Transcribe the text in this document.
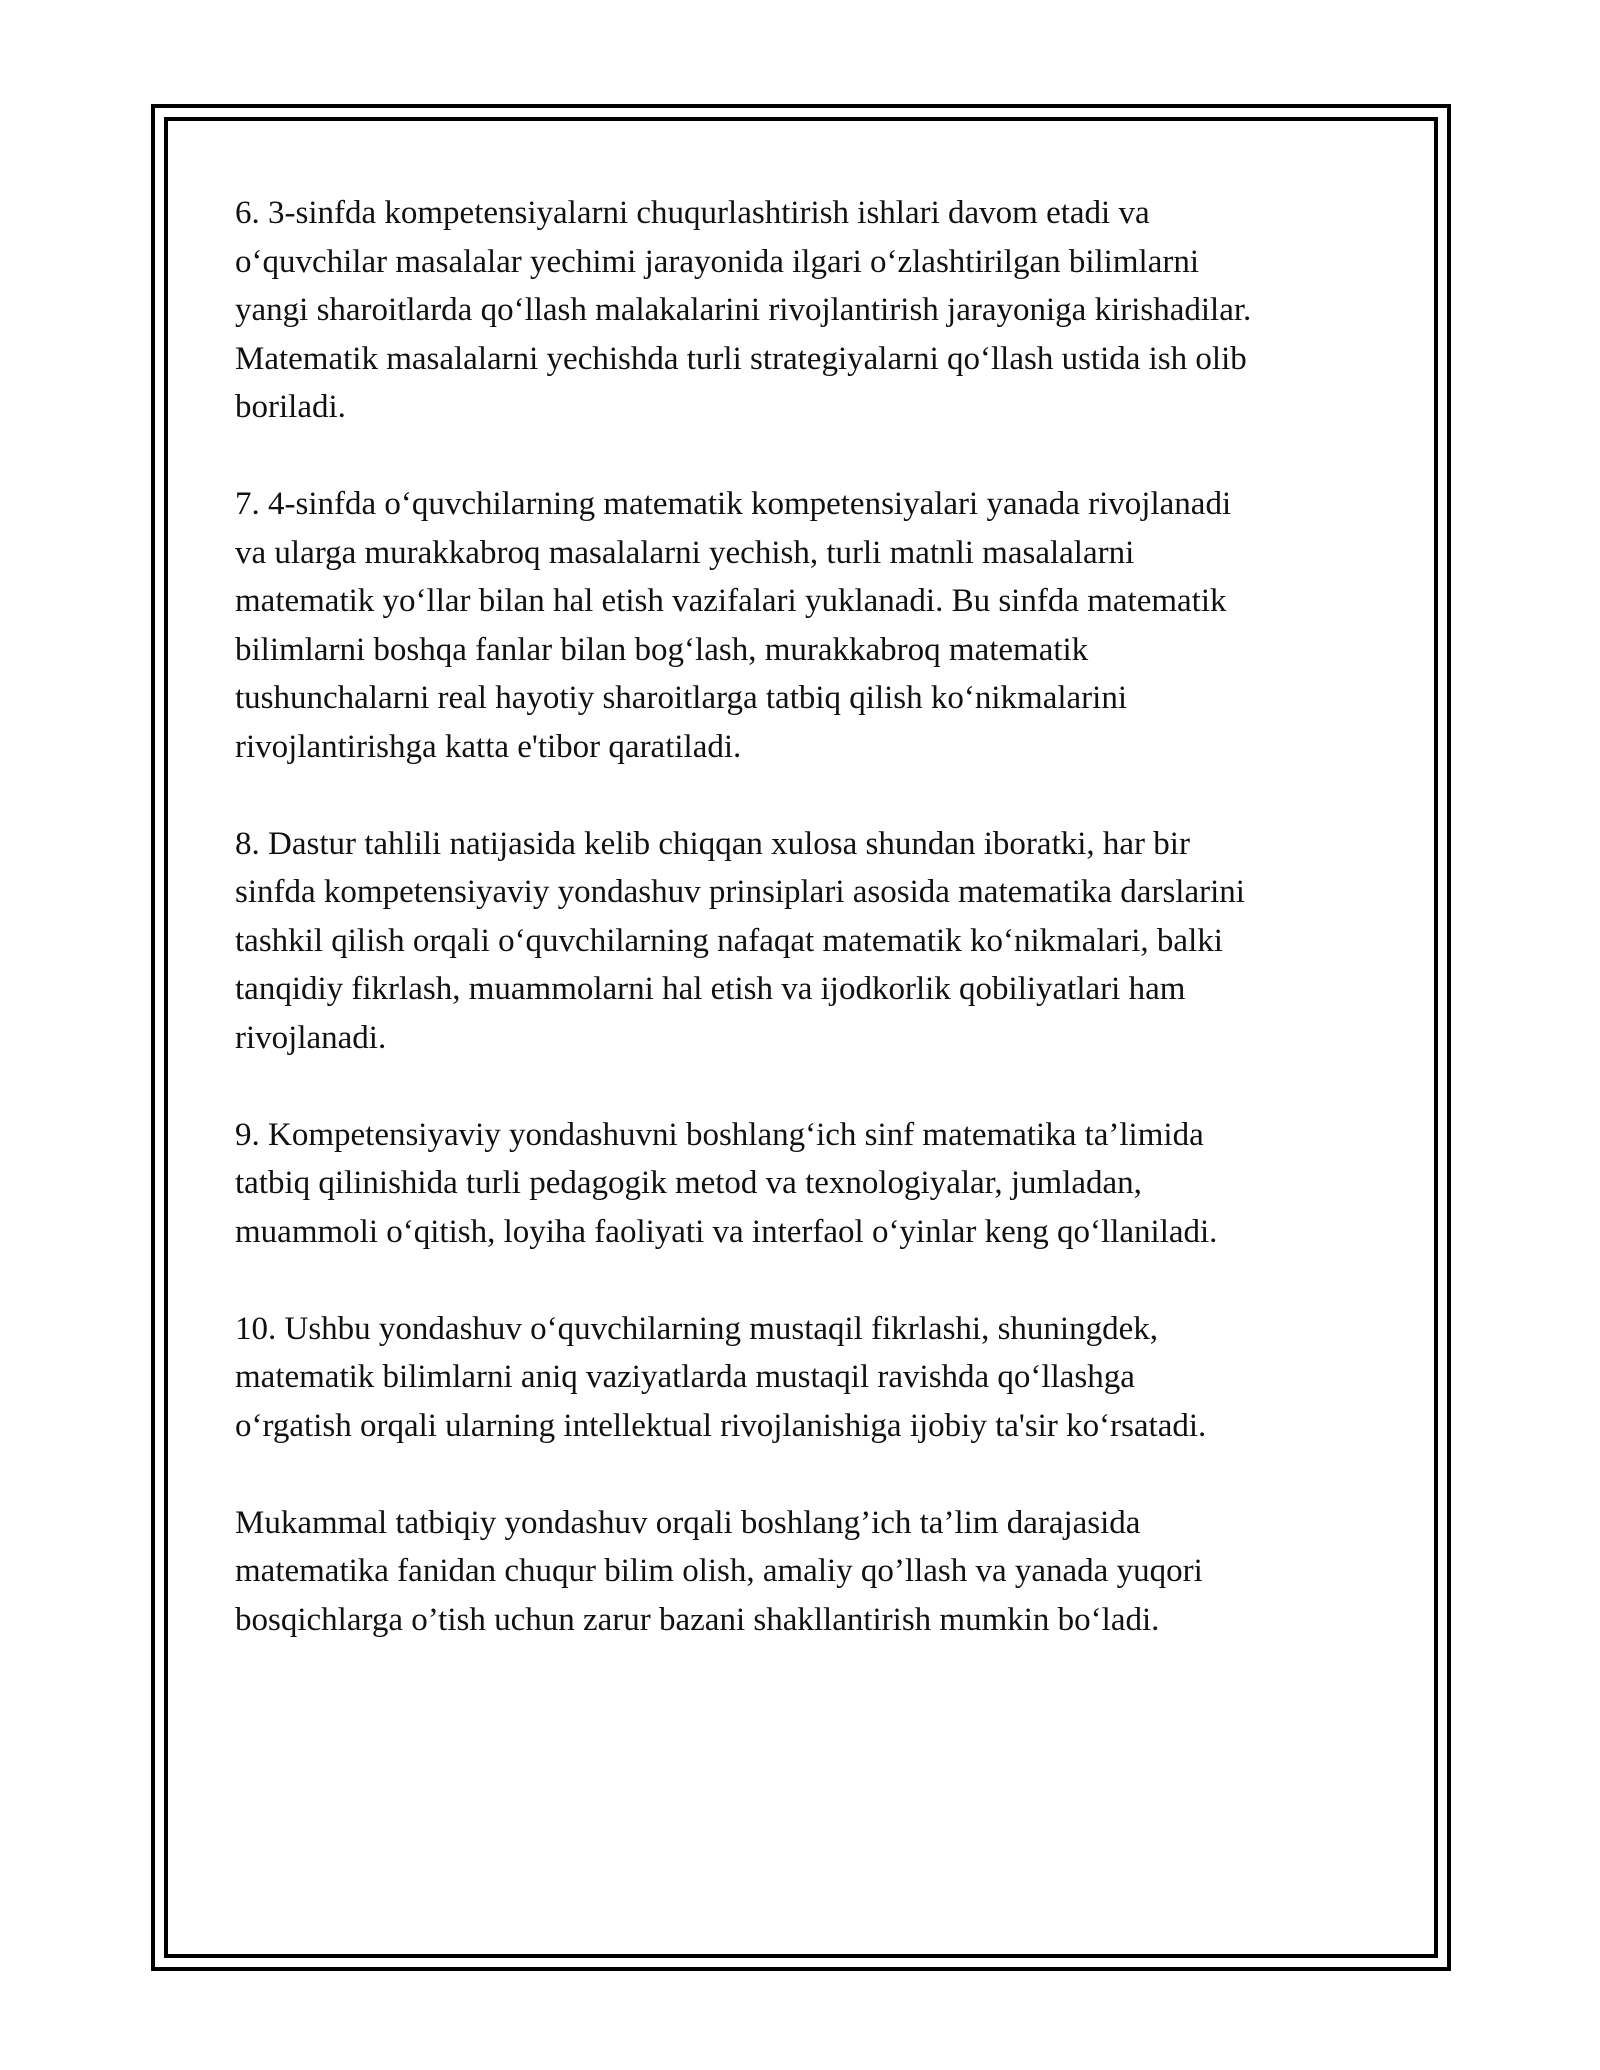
6. 3-sinfda kompetensiyalarni chuqurlashtirish ishlari davom etadi va
o‘quvchilar masalalar yechimi jarayonida ilgari o‘zlashtirilgan bilimlarni
yangi sharoitlarda qo‘llash malakalarini rivojlantirish jarayoniga kirishadilar.
Matematik masalalarni yechishda turli strategiyalarni qo‘llash ustida ish olib
boriladi.

7. 4-sinfda o‘quvchilarning matematik kompetensiyalari yanada rivojlanadi
va ularga murakkabroq masalalarni yechish, turli matnli masalalarni
matematik yo‘llar bilan hal etish vazifalari yuklanadi. Bu sinfda matematik
bilimlarni boshqa fanlar bilan bog‘lash, murakkabroq matematik
tushunchalarni real hayotiy sharoitlarga tatbiq qilish ko‘nikmalarini
rivojlantirishga katta e'tibor qaratiladi.

8. Dastur tahlili natijasida kelib chiqqan xulosa shundan iboratki, har bir
sinfda kompetensiyaviy yondashuv prinsiplari asosida matematika darslarini
tashkil qilish orqali o‘quvchilarning nafaqat matematik ko‘nikmalari, balki
tanqidiy fikrlash, muammolarni hal etish va ijodkorlik qobiliyatlari ham
rivojlanadi.

9. Kompetensiyaviy yondashuvni boshlang‘ich sinf matematika ta’limida
tatbiq qilinishida turli pedagogik metod va texnologiyalar, jumladan,
muammoli o‘qitish, loyiha faoliyati va interfaol o‘yinlar keng qo‘llaniladi.

10. Ushbu yondashuv o‘quvchilarning mustaqil fikrlashi, shuningdek,
matematik bilimlarni aniq vaziyatlarda mustaqil ravishda qo‘llashga
o‘rgatish orqali ularning intellektual rivojlanishiga ijobiy ta'sir ko‘rsatadi.

Mukammal tatbiqiy yondashuv orqali boshlang’ich ta’lim darajasida
matematika fanidan chuqur bilim olish, amaliy qo’llash va yanada yuqori
bosqichlarga o’tish uchun zarur bazani shakllantirish mumkin bo‘ladi.
